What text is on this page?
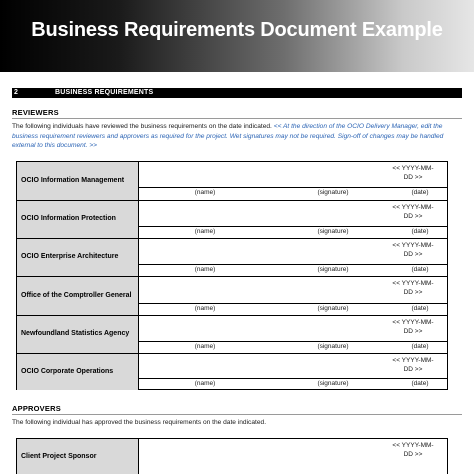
Business Requirements Document Example
2	BUSINESS REQUIREMENTS
REVIEWERS
The following individuals have reviewed the business requirements on the date indicated. << At the direction of the OCIO Delivery Manager, edit the business requirement reviewers and approvers as required for the project. Wet signatures may not be required. Sign-off of changes may be handled external to this document. >>
OCIO Information Management
<< YYYY-MM-
DD >>
(name)	(signature)	(date)
OCIO Information Protection
<< YYYY-MM-
DD >>
(name)	(signature)	(date)
OCIO Enterprise Architecture
<< YYYY-MM-
DD >>
(name)	(signature)	(date)
Office of the Comptroller General
<< YYYY-MM-
DD >>
(name)	(signature)	(date)
Newfoundland Statistics Agency
<< YYYY-MM-
DD >>
(name)	(signature)	(date)
OCIO Corporate Operations
<< YYYY-MM-
DD >>
(name)	(signature)	(date)
APPROVERS
The following individual has approved the business requirements on the date indicated.
Client Project Sponsor
<< YYYY-MM-
DD >>
